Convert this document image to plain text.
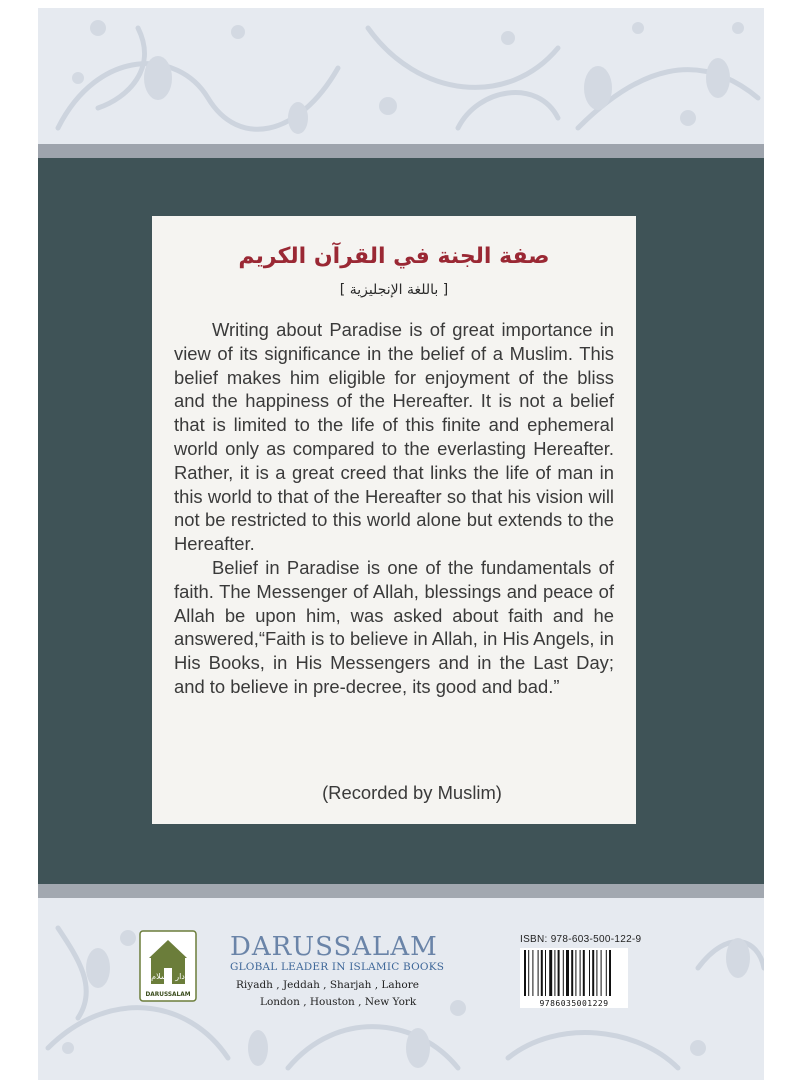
صفة الجنة في القرآن الكريم
[ باللغة الإنجليزية ]

Writing about Paradise is of great importance in view of its significance in the belief of a Muslim. This belief makes him eligible for enjoyment of the bliss and the happiness of the Hereafter. It is not a belief that is limited to the life of this finite and ephemeral world only as compared to the everlasting Hereafter. Rather, it is a great creed that links the life of man in this world to that of the Hereafter so that his vision will not be restricted to this world alone but extends to the Hereafter.

Belief in Paradise is one of the fundamentals of faith. The Messenger of Allah, blessings and peace of Allah be upon him, was asked about faith and he answered,“Faith is to believe in Allah, in His Angels, in His Books, in His Messengers and in the Last Day; and to believe in pre-decree, its good and bad.”

(Recorded by Muslim)
دار السلام
DARUSSALAM
DARUSSALAM
GLOBAL LEADER IN ISLAMIC BOOKS
Riyadh , Jeddah , Sharjah , Lahore
London , Houston , New York
ISBN: 978-603-500-122-9
9786035001229
